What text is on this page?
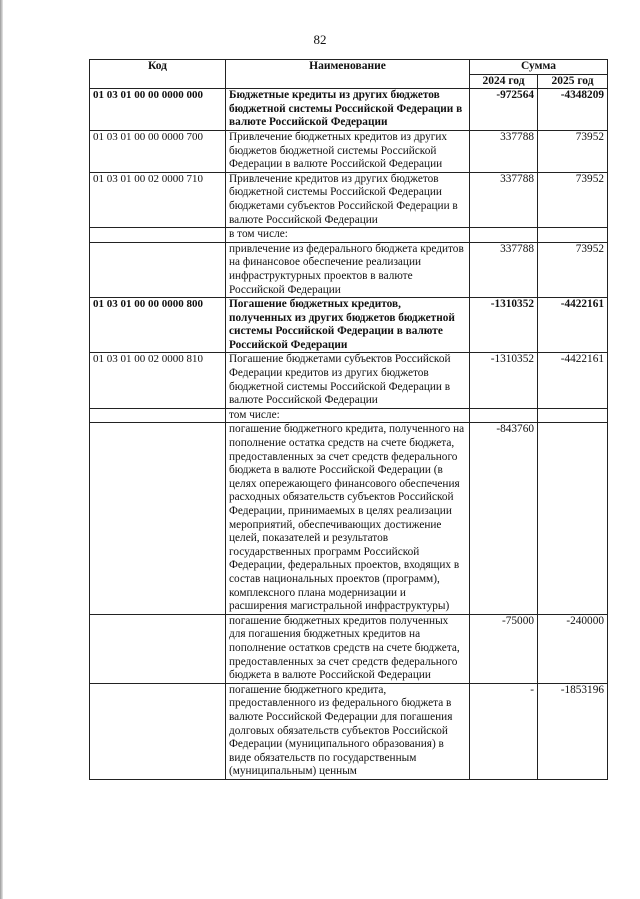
82
Код	Наименование	Сумма	
		2024 год	2025 год
01 03 01 00 00 0000 000	Бюджетные кредиты из других бюджетов бюджетной системы Российской Федерации в валюте Российской Федерации	-972564	-4348209
01 03 01 00 00 0000 700	Привлечение бюджетных кредитов из других бюджетов бюджетной системы Российской Федерации в валюте Российской Федерации	337788	73952
01 03 01 00 02 0000 710	Привлечение кредитов из других бюджетов бюджетной системы Российской Федерации бюджетами субъектов Российской Федерации в валюте Российской Федерации	337788	73952
	в том числе:		
	привлечение из федерального бюджета кредитов на финансовое обеспечение реализации инфраструктурных проектов в валюте Российской Федерации	337788	73952
01 03 01 00 00 0000 800	Погашение бюджетных кредитов, полученных из других бюджетов бюджетной системы Российской Федерации в валюте Российской Федерации	-1310352	-4422161
01 03 01 00 02 0000 810	Погашение бюджетами субъектов Российской Федерации кредитов из других бюджетов бюджетной системы Российской Федерации в валюте Российской Федерации	-1310352	-4422161
	том числе:		
	погашение бюджетного кредита, полученного на пополнение остатка средств на счете бюджета, предоставленных за счет средств федерального бюджета в валюте Российской Федерации (в целях опережающего финансового обеспечения расходных обязательств субъектов Российской Федерации, принимаемых в целях реализации мероприятий, обеспечивающих достижение целей, показателей и результатов государственных программ Российской Федерации, федеральных проектов, входящих в состав национальных проектов (программ), комплексного плана модернизации и расширения магистральной инфраструктуры)	-843760	
	погашение бюджетных кредитов полученных для погашения бюджетных кредитов на пополнение остатков средств на счете бюджета, предоставленных за счет средств федерального бюджета в валюте Российской Федерации	-75000	-240000
	погашение бюджетного кредита, предоставленного из федерального бюджета в валюте Российской Федерации для погашения долговых обязательств субъектов Российской Федерации (муниципального образования) в виде обязательств по государственным (муниципальным) ценным	-	-1853196
